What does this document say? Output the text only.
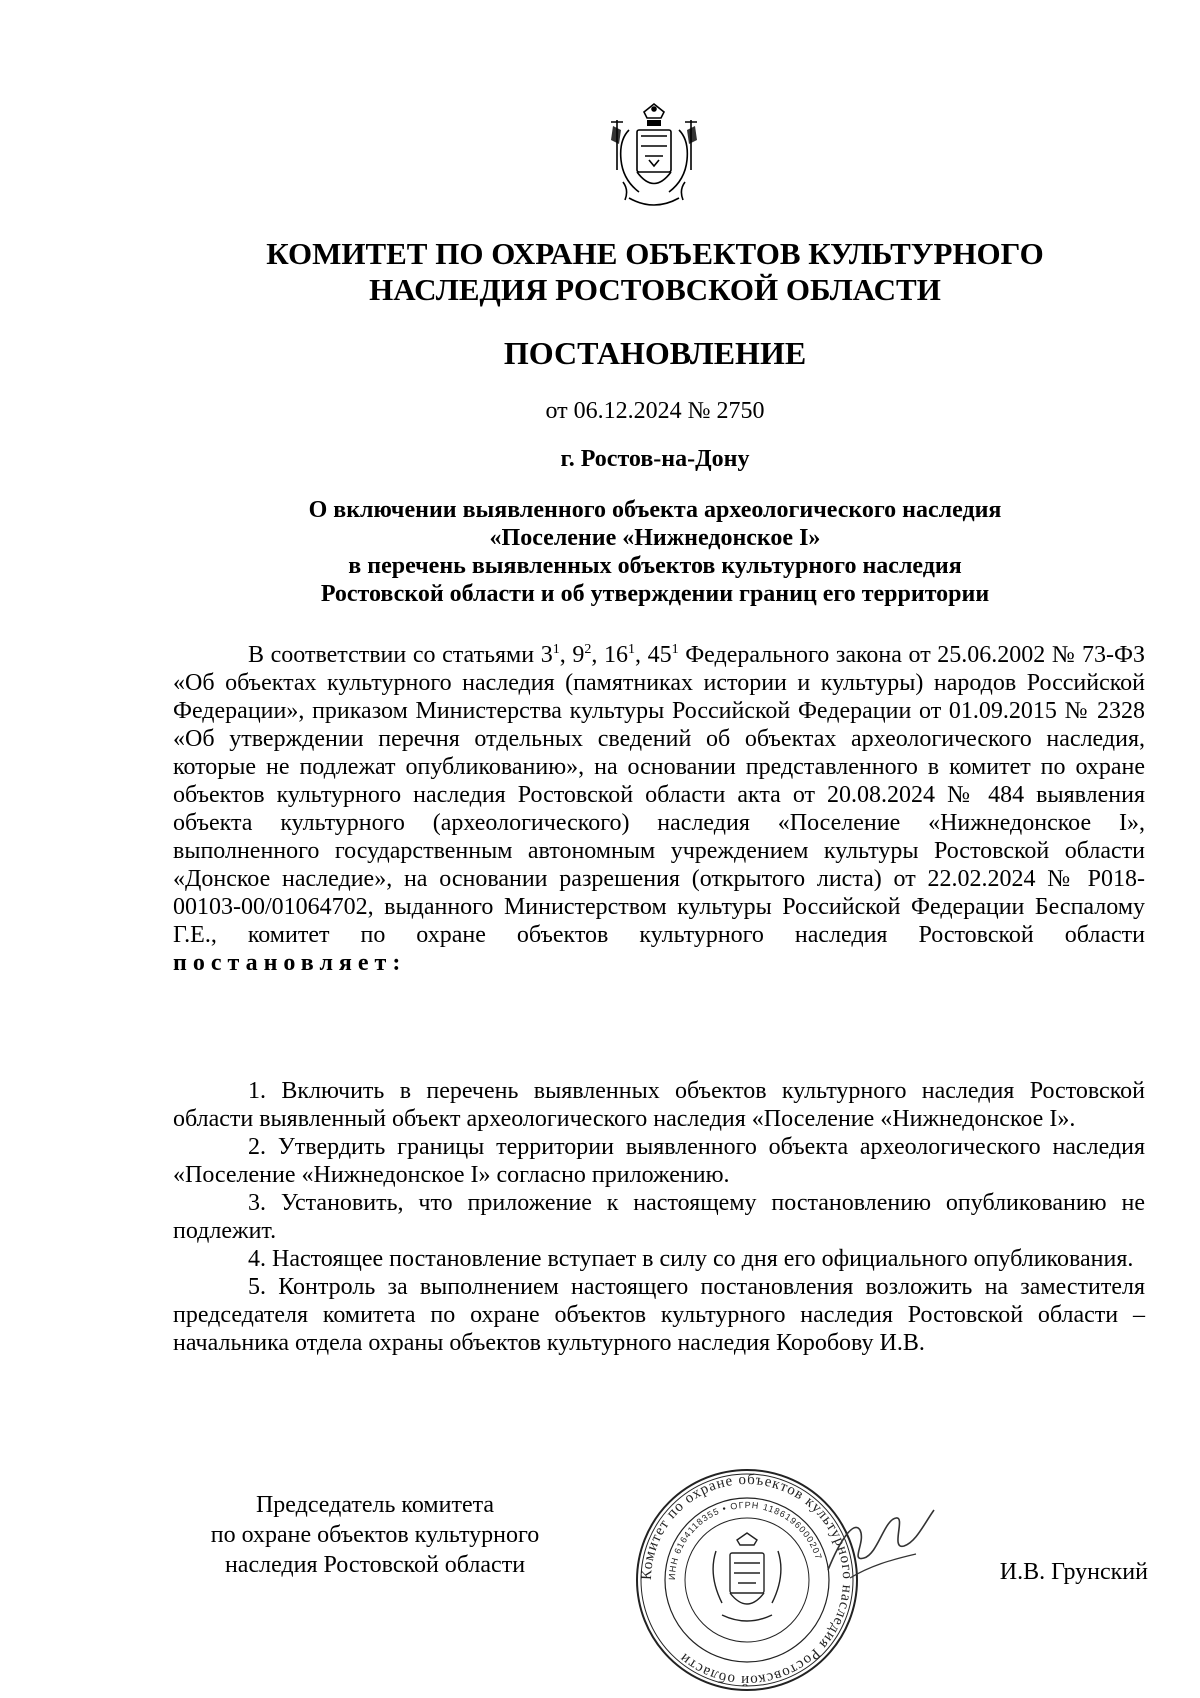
КОМИТЕТ ПО ОХРАНЕ ОБЪЕКТОВ КУЛЬТУРНОГО
НАСЛЕДИЯ РОСТОВСКОЙ ОБЛАСТИ
ПОСТАНОВЛЕНИЕ
от 06.12.2024 № 2750
г. Ростов-на-Дону
О включении выявленного объекта археологического наследия
«Поселение «Нижнедонское I»
в перечень выявленных объектов культурного наследия
Ростовской области и об утверждении границ его территории

В соответствии со статьями $3^1$, $9^2$, $16^1$, $45^1$ Федерального закона от 25.06.2002 № 73-ФЗ «Об объектах культурного наследия (памятниках истории и культуры) народов Российской Федерации», приказом Министерства культуры Российской Федерации от 01.09.2015 № 2328 «Об утверждении перечня отдельных сведений об объектах археологического наследия, которые не подлежат опубликованию», на основании представленного в комитет по охране объектов культурного наследия Ростовской области акта от 20.08.2024 № 484 выявления объекта культурного (археологического) наследия «Поселение «Нижнедонское I», выполненного государственным автономным учреждением культуры Ростовской области «Донское наследие», на основании разрешения (открытого листа) от 22.02.2024 № Р018-00103-00/01064702, выданного Министерством культуры Российской Федерации Беспалому Г.Е., комитет по охране объектов культурного наследия Ростовской области постановляет:

1. Включить в перечень выявленных объектов культурного наследия Ростовской области выявленный объект археологического наследия «Поселение «Нижнедонское I».

2. Утвердить границы территории выявленного объекта археологического наследия «Поселение «Нижнедонское I» согласно приложению.

3. Установить, что приложение к настоящему постановлению опубликованию не подлежит.

4. Настоящее постановление вступает в силу со дня его официального опубликования.

5. Контроль за выполнением настоящего постановления возложить на заместителя председателя комитета по охране объектов культурного наследия Ростовской области – начальника отдела охраны объектов культурного наследия Коробову И.В.

Председатель комитета
по охране объектов культурного
наследия Ростовской области	Комитет по охране объектов культурного наследия Ростовской области
ИНН 6164118355 • ОГРН 1186196000207
И.В. Грунский
